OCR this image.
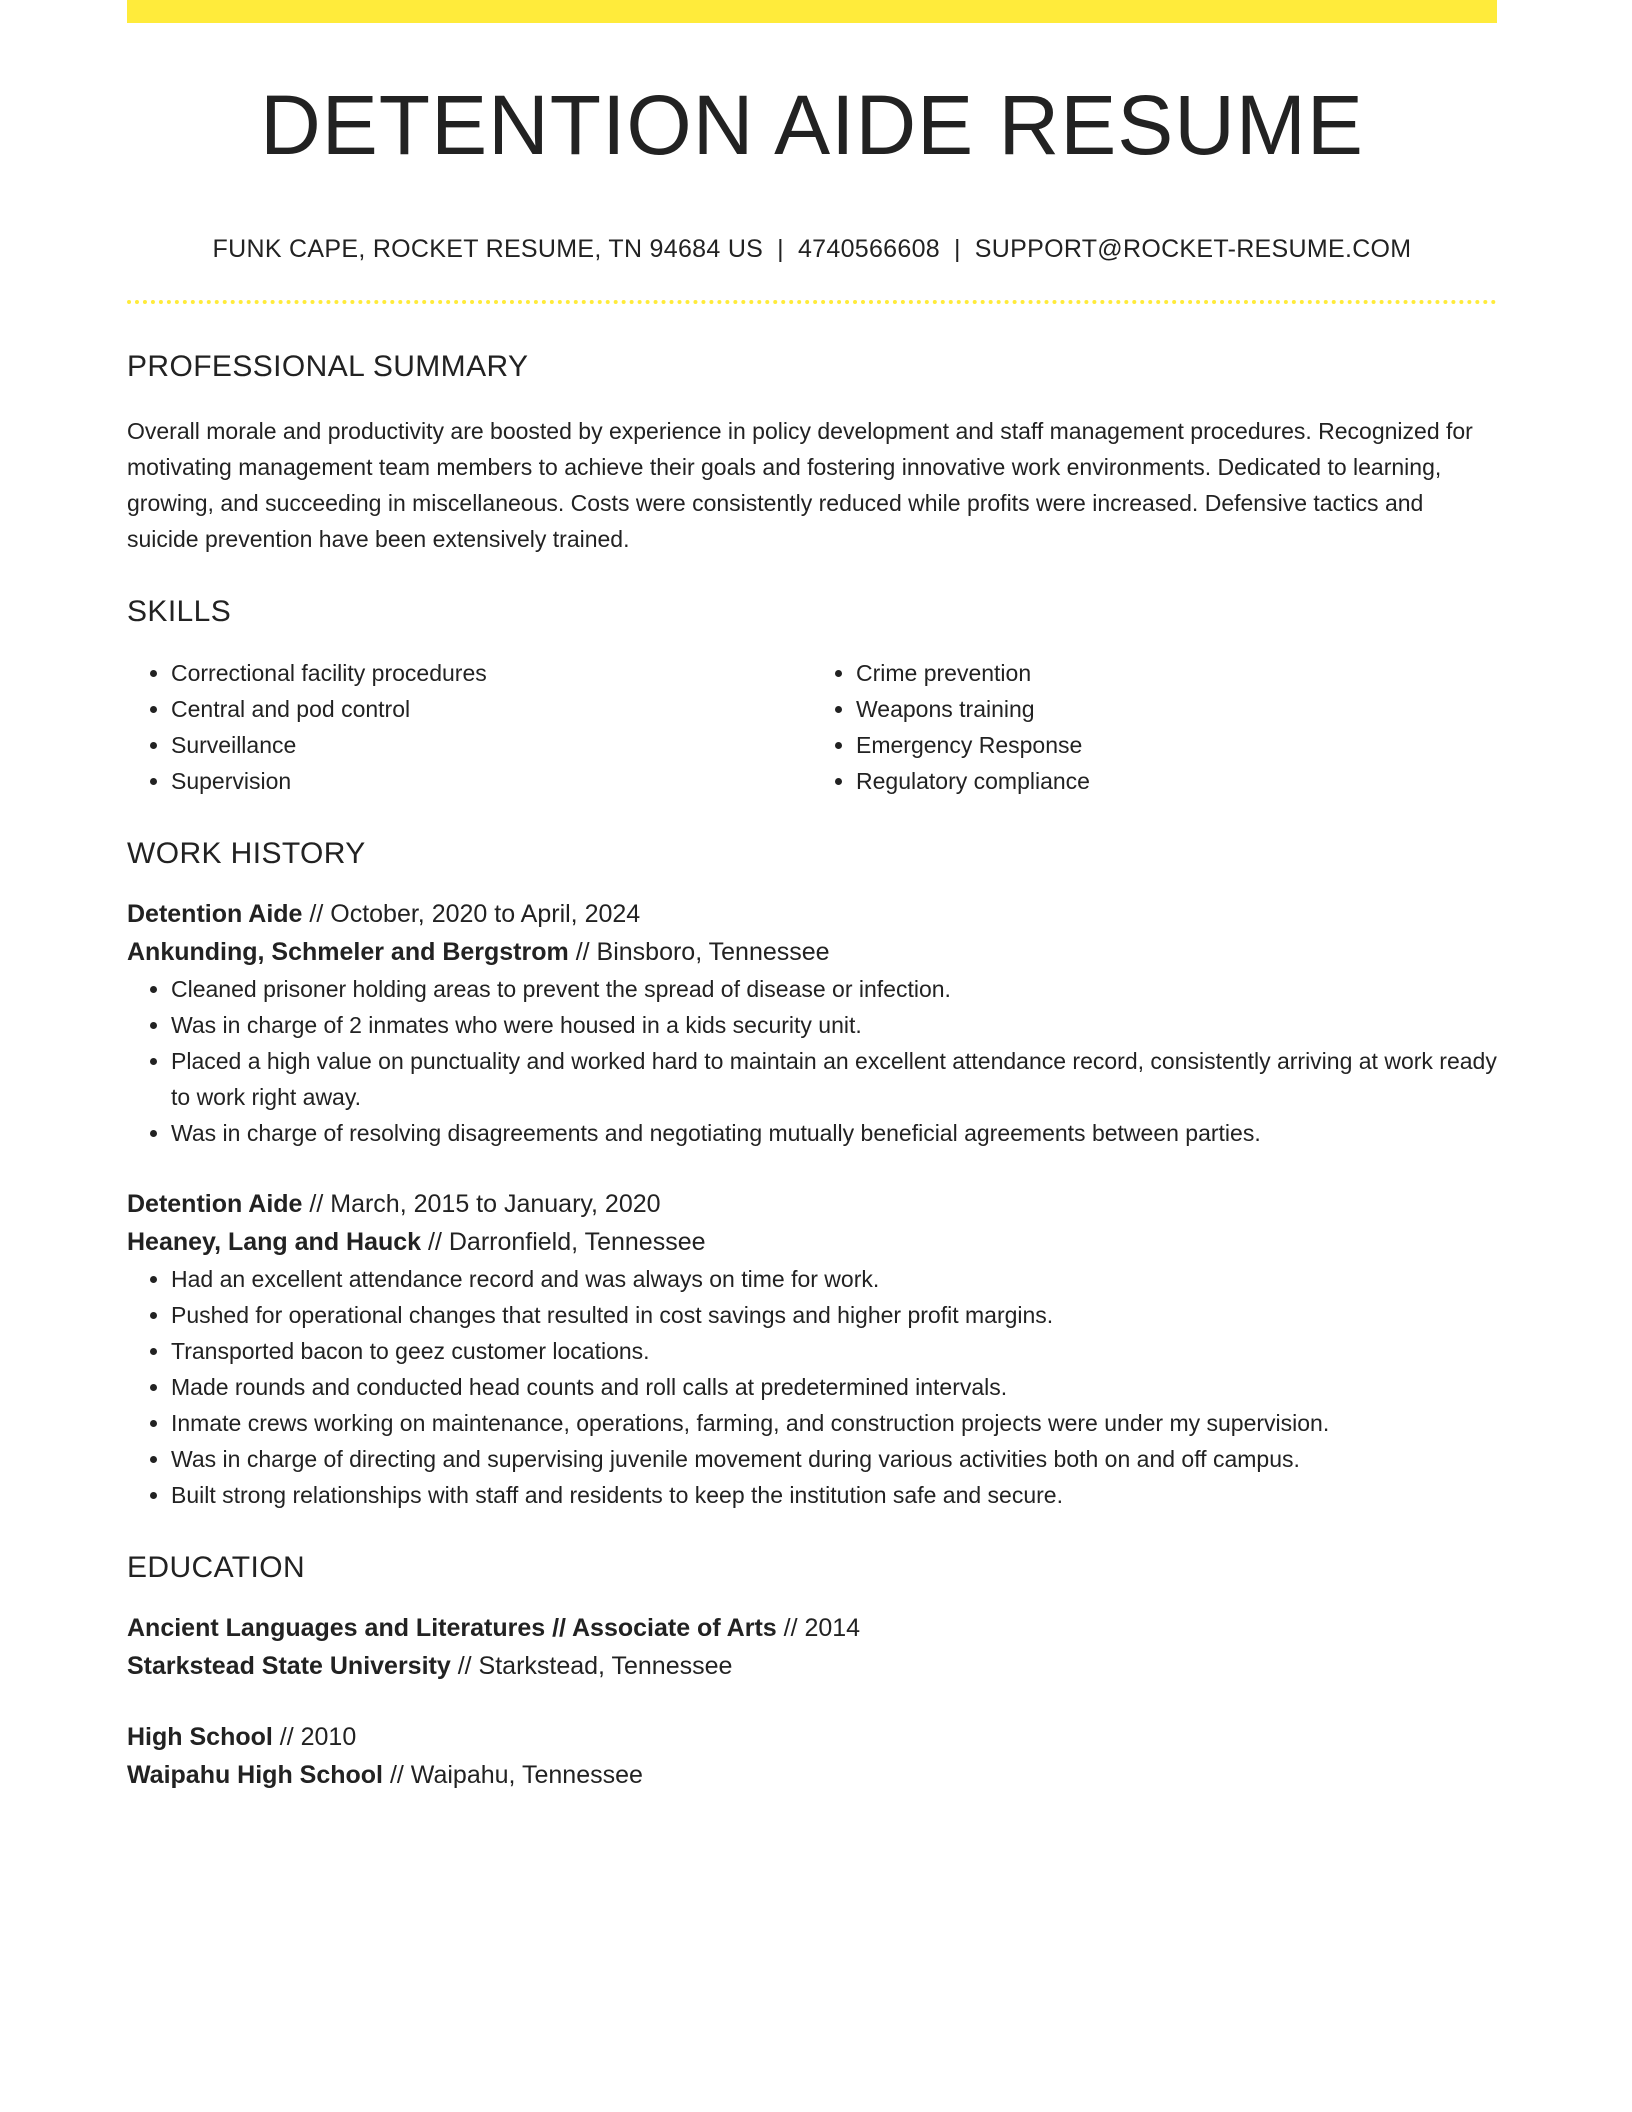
DETENTION AIDE RESUME
FUNK CAPE, ROCKET RESUME, TN 94684 US | 4740566608 | SUPPORT@ROCKET-RESUME.COM
PROFESSIONAL SUMMARY

Overall morale and productivity are boosted by experience in policy development and staff management procedures. Recognized for motivating management team members to achieve their goals and fostering innovative work environments. Dedicated to learning, growing, and succeeding in miscellaneous. Costs were consistently reduced while profits were increased. Defensive tactics and suicide prevention have been extensively trained.

SKILLS
• Correctional facility procedures
• Central and pod control
• Surveillance
• Supervision
• Crime prevention
• Weapons training
• Emergency Response
• Regulatory compliance
WORK HISTORY
Detention Aide // October, 2020 to April, 2024
Ankunding, Schmeler and Bergstrom // Binsboro, Tennessee
• Cleaned prisoner holding areas to prevent the spread of disease or infection.
• Was in charge of 2 inmates who were housed in a kids security unit.
• Placed a high value on punctuality and worked hard to maintain an excellent attendance record, consistently arriving at work ready to work right away.
• Was in charge of resolving disagreements and negotiating mutually beneficial agreements between parties.
Detention Aide // March, 2015 to January, 2020
Heaney, Lang and Hauck // Darronfield, Tennessee
• Had an excellent attendance record and was always on time for work.
• Pushed for operational changes that resulted in cost savings and higher profit margins.
• Transported bacon to geez customer locations.
• Made rounds and conducted head counts and roll calls at predetermined intervals.
• Inmate crews working on maintenance, operations, farming, and construction projects were under my supervision.
• Was in charge of directing and supervising juvenile movement during various activities both on and off campus.
• Built strong relationships with staff and residents to keep the institution safe and secure.
EDUCATION
Ancient Languages and Literatures // Associate of Arts // 2014
Starkstead State University // Starkstead, Tennessee
High School // 2010
Waipahu High School // Waipahu, Tennessee
